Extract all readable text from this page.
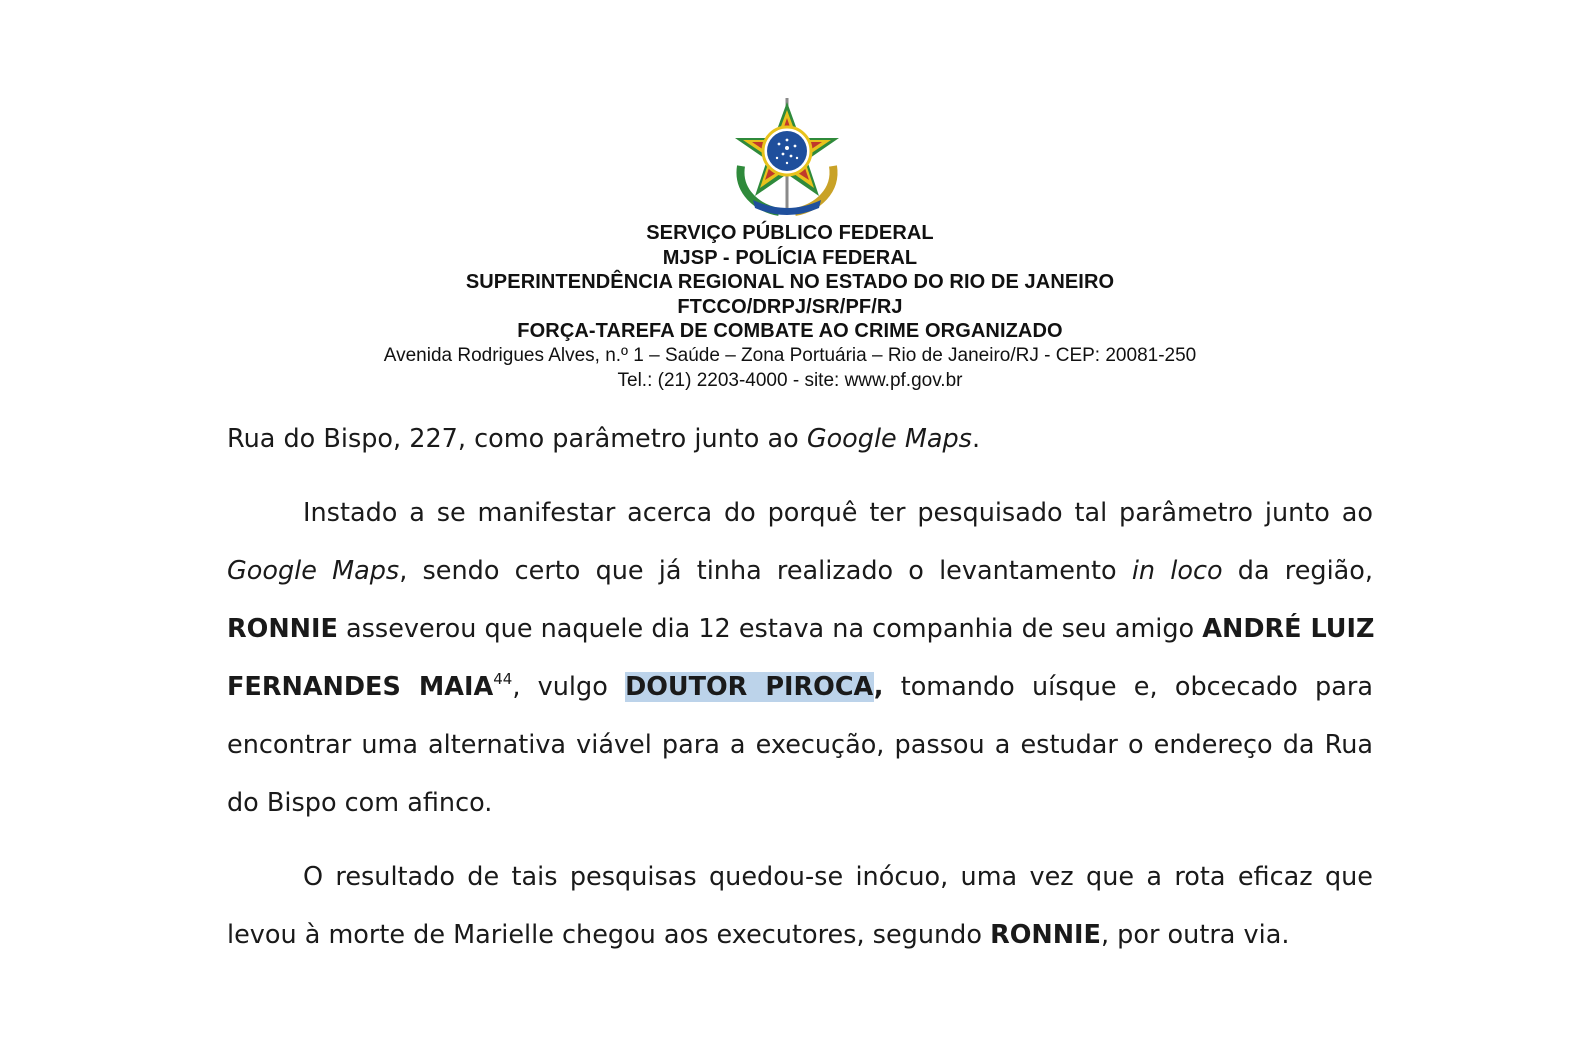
SERVIÇO PÚBLICO FEDERAL
MJSP - POLÍCIA FEDERAL
SUPERINTENDÊNCIA REGIONAL NO ESTADO DO RIO DE JANEIRO
FTCCO/DRPJ/SR/PF/RJ
FORÇA-TAREFA DE COMBATE AO CRIME ORGANIZADO
Avenida Rodrigues Alves, n.º 1 – Saúde – Zona Portuária – Rio de Janeiro/RJ - CEP: 20081-250
Tel.: (21) 2203-4000 - site: www.pf.gov.br
Rua do Bispo, 227, como parâmetro junto ao Google Maps.
Instado a se manifestar acerca do porquê ter pesquisado tal parâmetro junto ao
Google Maps, sendo certo que já tinha realizado o levantamento in loco da região,
RONNIE asseverou que naquele dia 12 estava na companhia de seu amigo ANDRÉ LUIZ
FERNANDES MAIA$^{44}$, vulgo DOUTOR PIROCA, tomando uísque e, obcecado para
encontrar uma alternativa viável para a execução, passou a estudar o endereço da Rua
do Bispo com afinco.
O resultado de tais pesquisas quedou-se inócuo, uma vez que a rota eficaz que
levou à morte de Marielle chegou aos executores, segundo RONNIE, por outra via.
